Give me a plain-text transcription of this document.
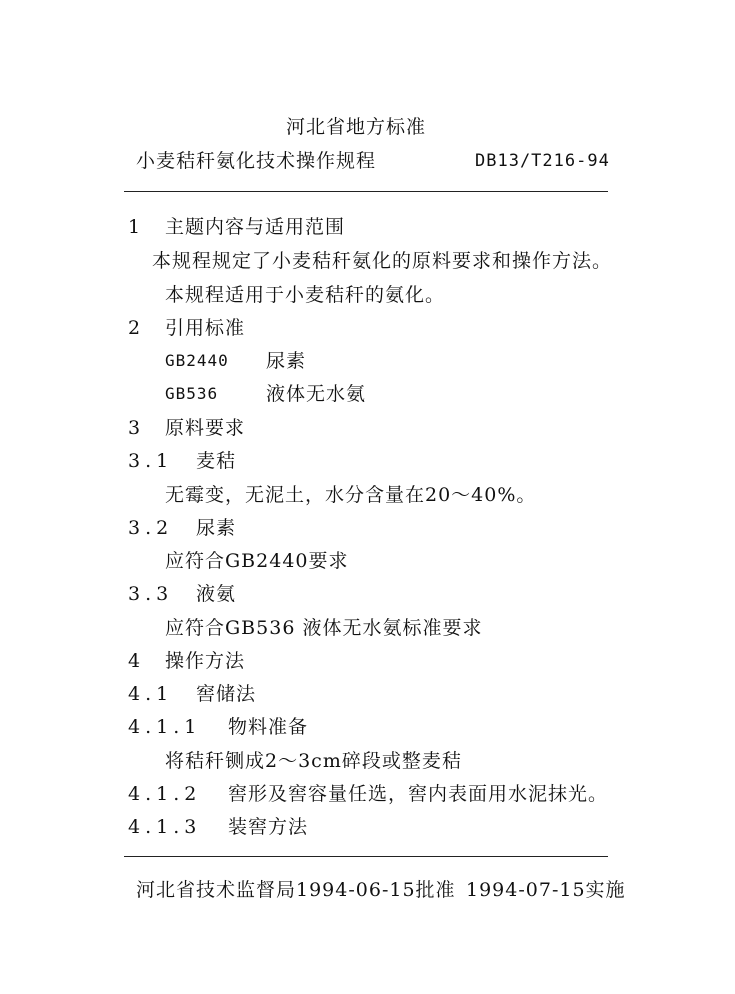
河北省地方标准
小麦秸秆氨化技术操作规程	DB13/T216-94
1 主题内容与适用范围
本规程规定了小麦秸秆氨化的原料要求和操作方法。
本规程适用于小麦秸秆的氨化。
2 引用标准
GB2440 尿素
GB536	液体无水氨
3 原料要求
3.1 麦秸
无霉变，无泥土，水分含量在20～40%。
3.2 尿素
应符合GB2440要求
3.3 液氨
应符合GB536 液体无水氨标准要求
4 操作方法
4.1 窖储法
4.1.1 物料准备
将秸秆铡成2～3cm碎段或整麦秸
4.1.2 窖形及窖容量任选，窖内表面用水泥抹光。
4.1.3 装窖方法
河北省技术监督局1994-06-15批准 1994-07-15实施
